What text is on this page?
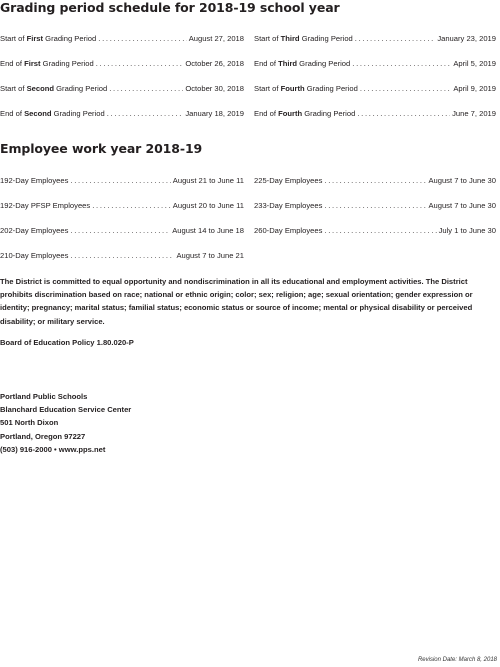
Grading period schedule for 2018-19 school year
Start of First Grading Period . . .	August 27, 2018
End of First Grading Period . . .	October 26, 2018
Start of Second Grading Period . . .	October 30, 2018
End of Second Grading Period . . .	January 18, 2019
Start of Third Grading Period . . .	January 23, 2019
End of Third Grading Period . . .	April 5, 2019
Start of Fourth Grading Period . . .	April 9, 2019
End of Fourth Grading Period . . .	June 7, 2019
Employee work year 2018-19
192-Day Employees . . .	August 21 to June 11
192-Day PFSP Employees . . .	August 20 to June 11
202-Day Employees . . .	August 14 to June 18
210-Day Employees . . .	August 7 to June 21
225-Day Employees . . .	August 7 to June 30
233-Day Employees . . .	August 7 to June 30
260-Day Employees . . .	July 1 to June 30

The District is committed to equal opportunity and nondiscrimination in all its educational and employment activities. The District prohibits discrimination based on race; national or ethnic origin; color; sex; religion; age; sexual orientation; gender expression or identity; pregnancy; marital status; familial status; economic status or source of income; mental or physical disability or perceived disability; or military service.

Board of Education Policy 1.80.020-P

Portland Public Schools
Blanchard Education Service Center
501 North Dixon
Portland, Oregon 97227
(503) 916-2000 • www.pps.net

Revision Date: March 8, 2018
